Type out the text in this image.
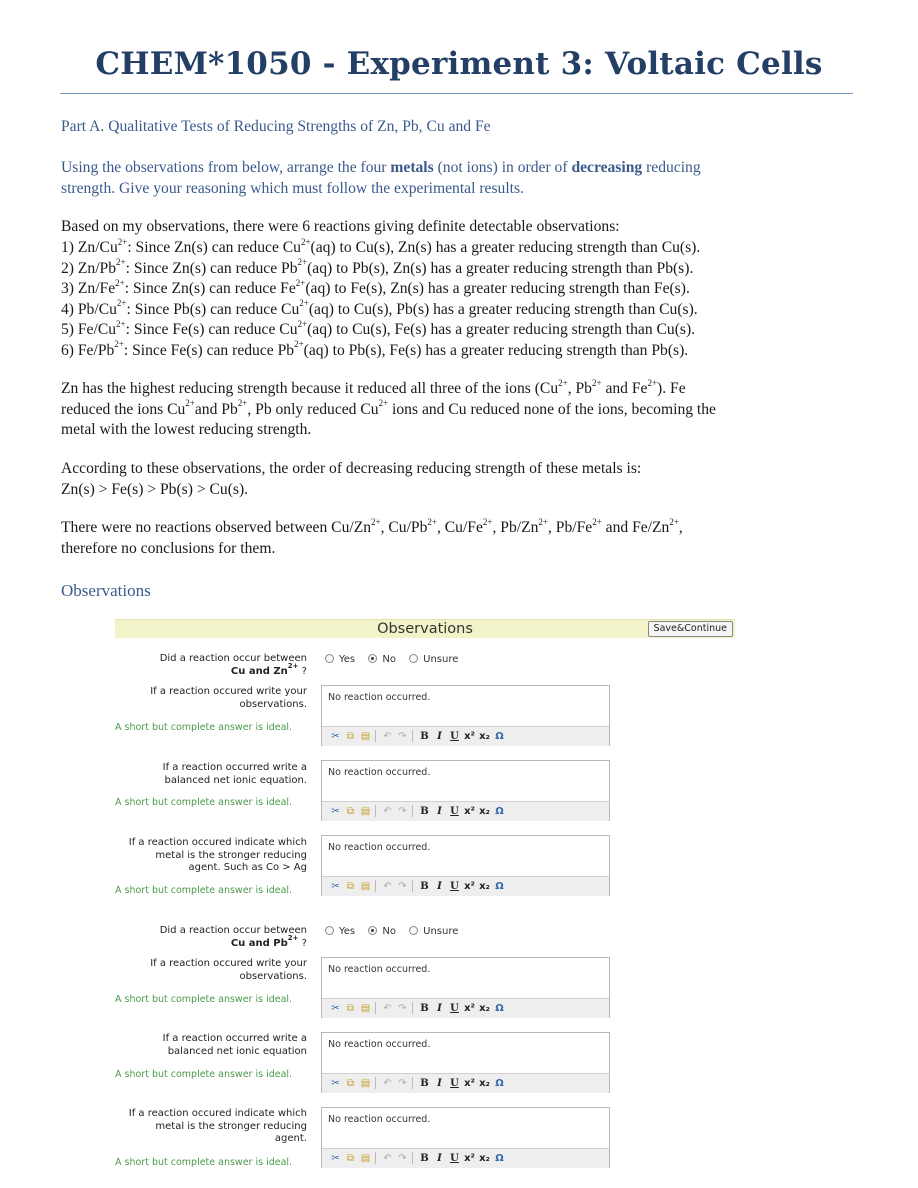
CHEM*1050 - Experiment 3: Voltaic Cells
Part A. Qualitative Tests of Reducing Strengths of Zn, Pb, Cu and Fe
Using the observations from below, arrange the four metals (not ions) in order of decreasing reducing
strength. Give your reasoning which must follow the experimental results.
Based on my observations, there were 6 reactions giving definite detectable observations:
1) $Zn/Cu^{2+}$: Since Zn(s) can reduce $Cu^{2+}(aq)$ to Cu(s), Zn(s) has a greater reducing strength than Cu(s).
2) $Zn/Pb^{2+}$: Since Zn(s) can reduce $Pb^{2+}(aq)$ to Pb(s), Zn(s) has a greater reducing strength than Pb(s).
3) $Zn/Fe^{2+}$: Since Zn(s) can reduce $Fe^{2+}(aq)$ to Fe(s), Zn(s) has a greater reducing strength than Fe(s).
4) $Pb/Cu^{2+}$: Since Pb(s) can reduce $Cu^{2+}(aq)$ to Cu(s), Pb(s) has a greater reducing strength than Cu(s).
5) $Fe/Cu^{2+}$: Since Fe(s) can reduce $Cu^{2+}(aq)$ to Cu(s), Fe(s) has a greater reducing strength than Cu(s).
6) $Fe/Pb^{2+}$: Since Fe(s) can reduce $Pb^{2+}(aq)$ to Pb(s), Fe(s) has a greater reducing strength than Pb(s).
Zn has the highest reducing strength because it reduced all three of the ions ($Cu^{2+}$, $Pb^{2+}$ and $Fe^{2+}$). Fe
reduced the ions $Cu^{2+}and$ $Pb^{2+}$, Pb only reduced $Cu^{2+}$ ions and Cu reduced none of the ions, becoming the
metal with the lowest reducing strength.
According to these observations, the order of decreasing reducing strength of these metals is:
Zn(s) > Fe(s) > Pb(s) > Cu(s).
There were no reactions observed between $Cu/Zn^{2+}$, $Cu/Pb^{2+}$, $Cu/Fe^{2+}$, $Pb/Zn^{2+}$, $Pb/Fe^{2+}$ and $Fe/Zn^{2+}$,
therefore no conclusions for them.
Observations
Observations	Save&Continue
Did a reaction occur between
Cu and $Zn^{2+}$ ?
Yes	No	Unsure
If a reaction occured write your
observations.
A short but complete answer is ideal.
No reaction occurred.
✂ ⧉ ▤ ↶ ↷ B I U x² x₂ Ω
If a reaction occurred write a
balanced net ionic equation.
A short but complete answer is ideal.
No reaction occurred.
✂ ⧉ ▤ ↶ ↷ B I U x² x₂ Ω
If a reaction occured indicate which
metal is the stronger reducing
agent. Such as Co > Ag
A short but complete answer is ideal.
No reaction occurred.
✂ ⧉ ▤ ↶ ↷ B I U x² x₂ Ω
Did a reaction occur between
Cu and $Pb^{2+}$ ?
Yes	No	Unsure
If a reaction occured write your
observations.
A short but complete answer is ideal.
No reaction occurred.
✂ ⧉ ▤ ↶ ↷ B I U x² x₂ Ω
If a reaction occurred write a
balanced net ionic equation
A short but complete answer is ideal.
No reaction occurred.
✂ ⧉ ▤ ↶ ↷ B I U x² x₂ Ω
If a reaction occured indicate which
metal is the stronger reducing
agent.
A short but complete answer is ideal.
No reaction occurred.
✂ ⧉ ▤ ↶ ↷ B I U x² x₂ Ω
